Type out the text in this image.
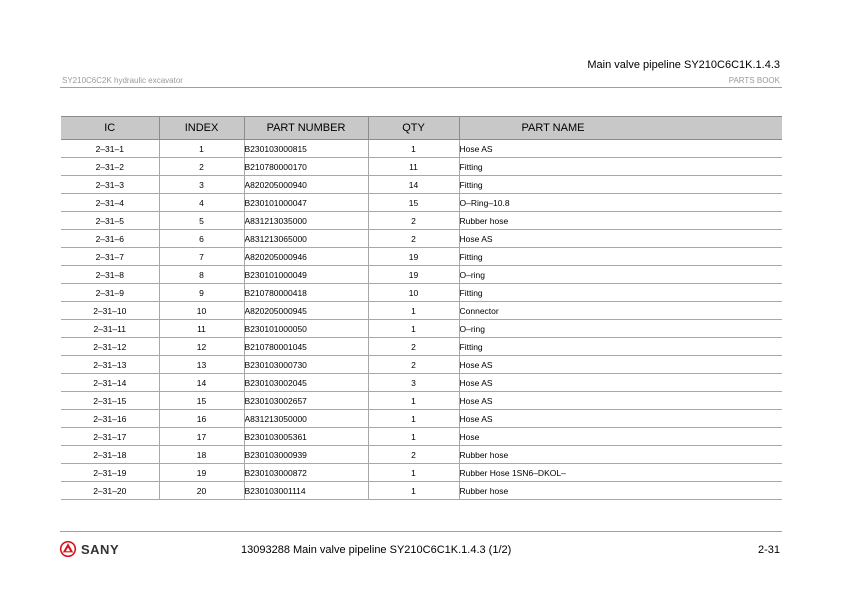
Main valve pipeline SY210C6C1K.1.4.3
SY210C6C2K hydraulic excavator	PARTS BOOK
IC	INDEX	PART NUMBER	QTY	PART NAME
2–31–1	1	B230103000815	1	Hose AS
2–31–2	2	B210780000170	11	Fitting
2–31–3	3	A820205000940	14	Fitting
2–31–4	4	B230101000047	15	O–Ring–10.8
2–31–5	5	A831213035000	2	Rubber hose
2–31–6	6	A831213065000	2	Hose AS
2–31–7	7	A820205000946	19	Fitting
2–31–8	8	B230101000049	19	O–ring
2–31–9	9	B210780000418	10	Fitting
2–31–10	10	A820205000945	1	Connector
2–31–11	11	B230101000050	1	O–ring
2–31–12	12	B210780001045	2	Fitting
2–31–13	13	B230103000730	2	Hose AS
2–31–14	14	B230103002045	3	Hose AS
2–31–15	15	B230103002657	1	Hose AS
2–31–16	16	A831213050000	1	Hose AS
2–31–17	17	B230103005361	1	Hose
2–31–18	18	B230103000939	2	Rubber hose
2–31–19	19	B230103000872	1	Rubber Hose 1SN6–DKOL–
2–31–20	20	B230103001114	1	Rubber hose
SANY	13093288 Main valve pipeline SY210C6C1K.1.4.3 (1/2)	2-31
